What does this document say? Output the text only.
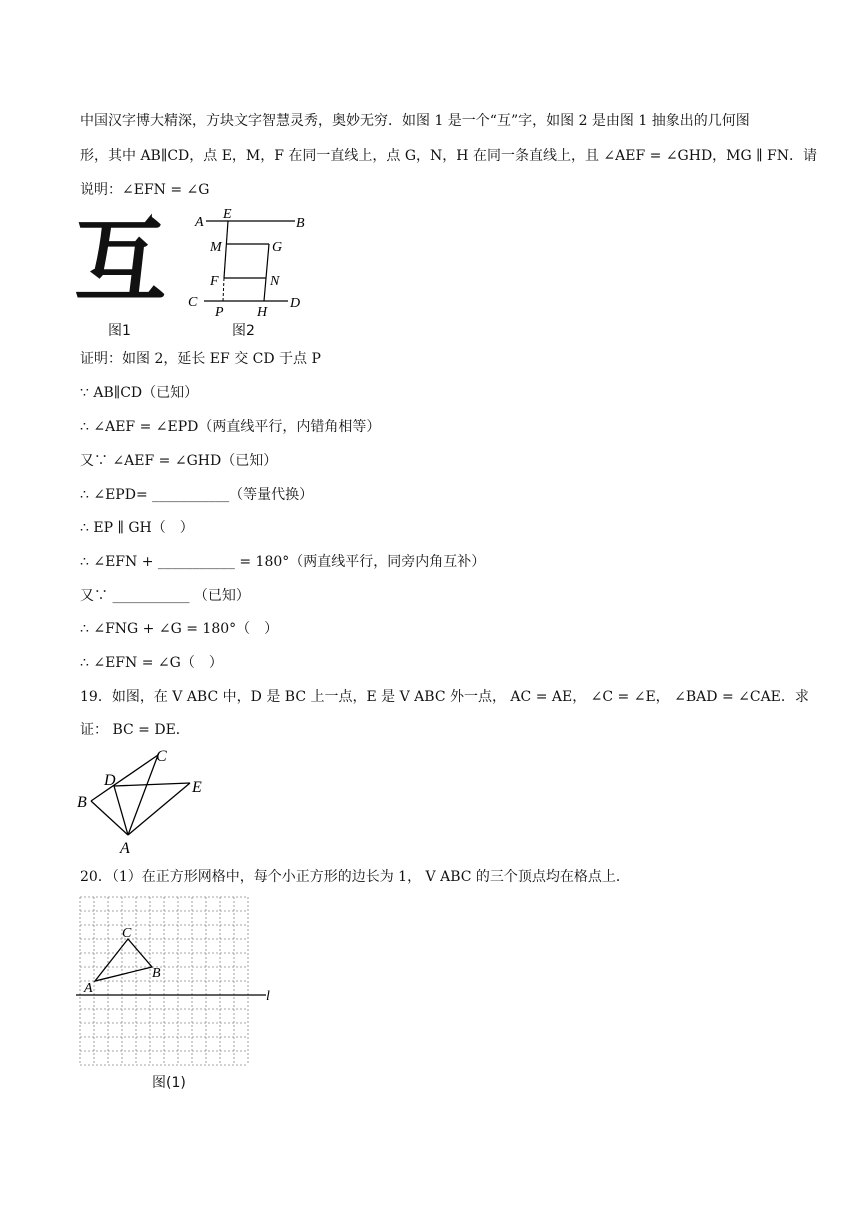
中国汉字博大精深，方块文字智慧灵秀，奥妙无穷．如图 1 是一个“互”字，如图 2 是由图 1 抽象出的几何图
形，其中 AB∥CD，点 E，M，F 在同一直线上，点 G，N，H 在同一条直线上，且 ∠AEF = ∠GHD，MG ∥ FN．请
说明：∠EFN = ∠G
互
图1
A
E
B
M	G
F	N
C
P H
D
图2
证明：如图 2，延长 EF 交 CD 于点 P
∵ AB∥CD（已知）
∴ ∠AEF = ∠EPD（两直线平行，内错角相等）
又∵ ∠AEF = ∠GHD（已知）
∴ ∠EPD= ___________（等量代换）
∴ EP ∥ GH（　）
∴ ∠EFN + ___________ = 180°（两直线平行，同旁内角互补）
又∵ ___________ （已知）
∴ ∠FNG + ∠G = 180°（　）
∴ ∠EFN = ∠G（　）
19．如图，在 V ABC 中，D 是 BC 上一点，E 是 V ABC 外一点， AC = AE， ∠C = ∠E， ∠BAD = ∠CAE．求
证： BC = DE．
B
D
C
E
A
20．（1）在正方形网格中，每个小正方形的边长为 1， V ABC 的三个顶点均在格点上．
A
C
B
l
图(1)
